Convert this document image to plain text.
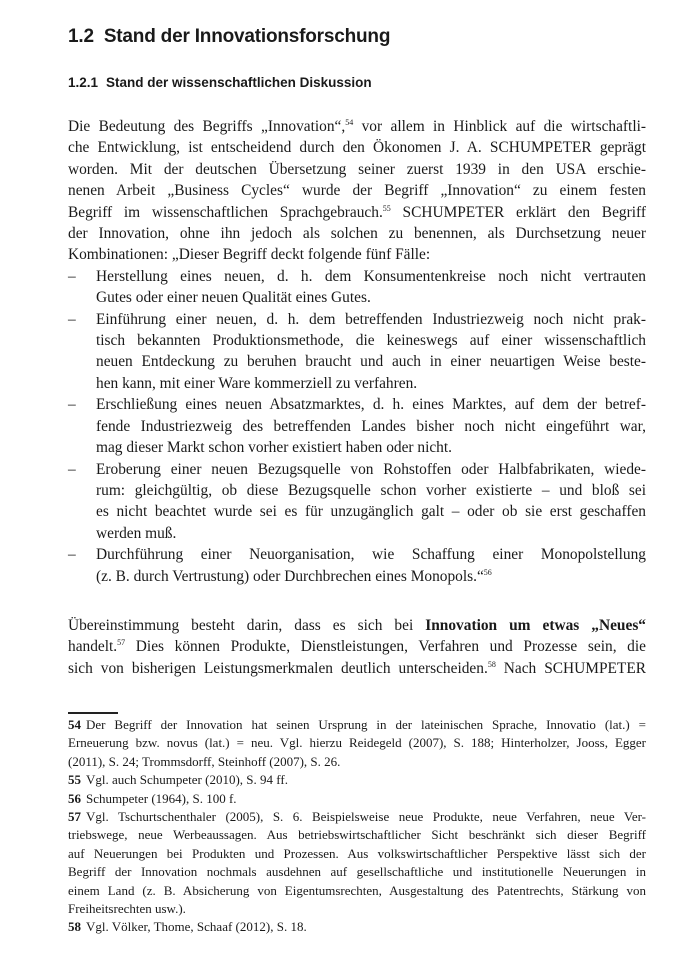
1.2 Stand der Innovationsforschung
1.2.1 Stand der wissenschaftlichen Diskussion
Die Bedeutung des Begriffs „Innovation“,$^{54}$ vor allem in Hinblick auf die wirtschaftli-
che Entwicklung, ist entscheidend durch den Ökonomen J. A. SCHUMPETER geprägt
worden. Mit der deutschen Übersetzung seiner zuerst 1939 in den USA erschie-
nenen Arbeit „Business Cycles“ wurde der Begriff „Innovation“ zu einem festen
Begriff im wissenschaftlichen Sprachgebrauch.$^{55}$ SCHUMPETER erklärt den Begriff
der Innovation, ohne ihn jedoch als solchen zu benennen, als Durchsetzung neuer
Kombinationen: „Dieser Begriff deckt folgende fünf Fälle:
– Herstellung eines neuen, d. h. dem Konsumentenkreise noch nicht vertrauten
Gutes oder einer neuen Qualität eines Gutes.
– Einführung einer neuen, d. h. dem betreffenden Industriezweig noch nicht prak-
tisch bekannten Produktionsmethode, die keineswegs auf einer wissenschaftlich
neuen Entdeckung zu beruhen braucht und auch in einer neuartigen Weise beste-
hen kann, mit einer Ware kommerziell zu verfahren.
– Erschließung eines neuen Absatzmarktes, d. h. eines Marktes, auf dem der betref-
fende Industriezweig des betreffenden Landes bisher noch nicht eingeführt war,
mag dieser Markt schon vorher existiert haben oder nicht.
– Eroberung einer neuen Bezugsquelle von Rohstoffen oder Halbfabrikaten, wiede-
rum: gleichgültig, ob diese Bezugsquelle schon vorher existierte – und bloß sei
es nicht beachtet wurde sei es für unzugänglich galt – oder ob sie erst geschaffen
werden muß.
– Durchführung einer Neuorganisation, wie Schaffung einer Monopolstellung
(z. B. durch Vertrustung) oder Durchbrechen eines Monopols.“$^{56}$
Übereinstimmung besteht darin, dass es sich bei Innovation um etwas „Neues“
handelt.$^{57}$ Dies können Produkte, Dienstleistungen, Verfahren und Prozesse sein, die
sich von bisherigen Leistungsmerkmalen deutlich unterscheiden.$^{58}$ Nach SCHUMPETER
54 Der Begriff der Innovation hat seinen Ursprung in der lateinischen Sprache, Innovatio (lat.) =
Erneuerung bzw. novus (lat.) = neu. Vgl. hierzu Reidegeld (2007), S. 188; Hinterholzer, Jooss, Egger
(2011), S. 24; Trommsdorff, Steinhoff (2007), S. 26.
55 Vgl. auch Schumpeter (2010), S. 94 ff.
56 Schumpeter (1964), S. 100 f.
57 Vgl. Tschurtschenthaler (2005), S. 6. Beispielsweise neue Produkte, neue Verfahren, neue Ver-
triebswege, neue Werbeaussagen. Aus betriebswirtschaftlicher Sicht beschränkt sich dieser Begriff
auf Neuerungen bei Produkten und Prozessen. Aus volkswirtschaftlicher Perspektive lässt sich der
Begriff der Innovation nochmals ausdehnen auf gesellschaftliche und institutionelle Neuerungen in
einem Land (z. B. Absicherung von Eigentumsrechten, Ausgestaltung des Patentrechts, Stärkung von
Freiheitsrechten usw.).
58 Vgl. Völker, Thome, Schaaf (2012), S. 18.
